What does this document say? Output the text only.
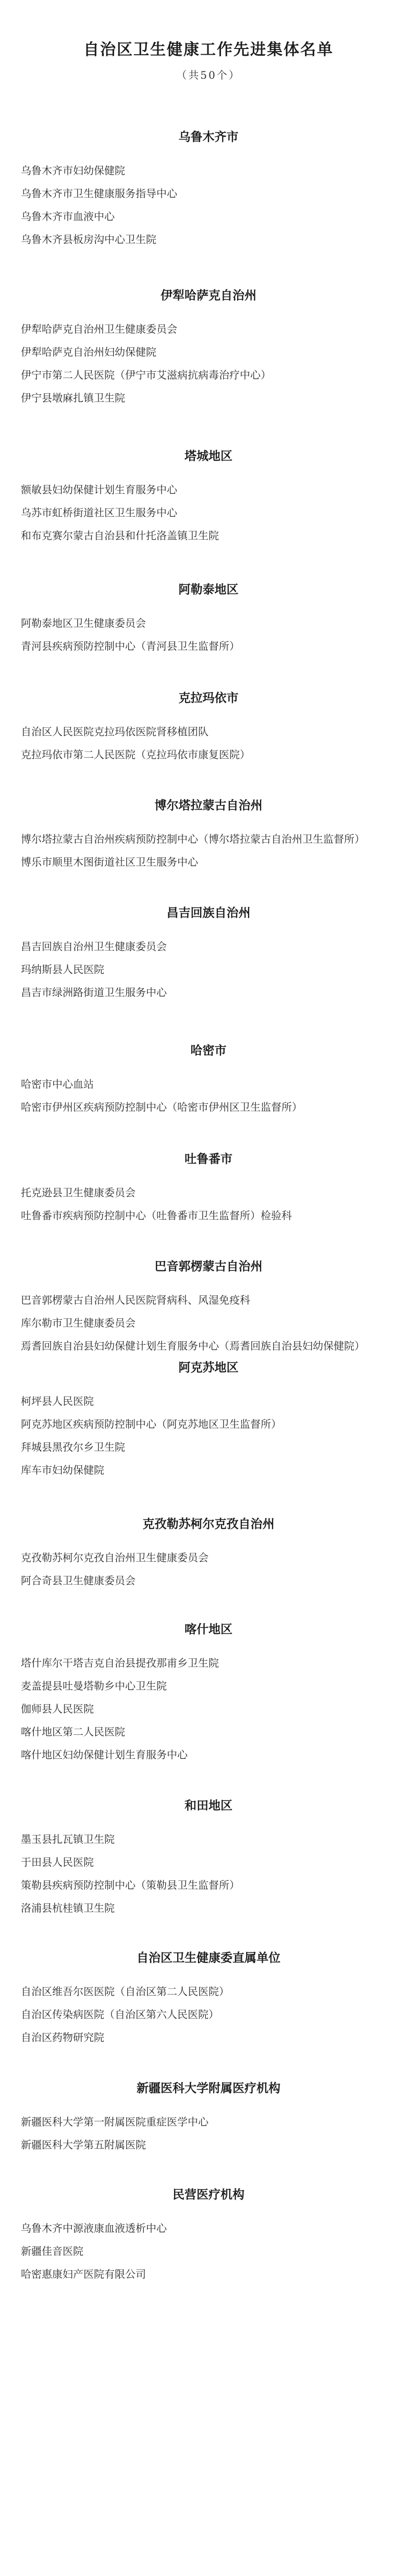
自治区卫生健康工作先进集体名单
（共50个）
乌鲁木齐市
乌鲁木齐市妇幼保健院
乌鲁木齐市卫生健康服务指导中心
乌鲁木齐市血液中心
乌鲁木齐县板房沟中心卫生院
伊犁哈萨克自治州
伊犁哈萨克自治州卫生健康委员会
伊犁哈萨克自治州妇幼保健院
伊宁市第二人民医院（伊宁市艾滋病抗病毒治疗中心）
伊宁县墩麻扎镇卫生院
塔城地区
额敏县妇幼保健计划生育服务中心
乌苏市虹桥街道社区卫生服务中心
和布克赛尔蒙古自治县和什托洛盖镇卫生院
阿勒泰地区
阿勒泰地区卫生健康委员会
青河县疾病预防控制中心（青河县卫生监督所）
克拉玛依市
自治区人民医院克拉玛依医院肾移植团队
克拉玛依市第二人民医院（克拉玛依市康复医院）
博尔塔拉蒙古自治州
博尔塔拉蒙古自治州疾病预防控制中心（博尔塔拉蒙古自治州卫生监督所）
博乐市顺里木图街道社区卫生服务中心
昌吉回族自治州
昌吉回族自治州卫生健康委员会
玛纳斯县人民医院
昌吉市绿洲路街道卫生服务中心
哈密市
哈密市中心血站
哈密市伊州区疾病预防控制中心（哈密市伊州区卫生监督所）
吐鲁番市
托克逊县卫生健康委员会
吐鲁番市疾病预防控制中心（吐鲁番市卫生监督所）检验科
巴音郭楞蒙古自治州
巴音郭楞蒙古自治州人民医院肾病科、风湿免疫科
库尔勒市卫生健康委员会
焉耆回族自治县妇幼保健计划生育服务中心（焉耆回族自治县妇幼保健院）
阿克苏地区
柯坪县人民医院
阿克苏地区疾病预防控制中心（阿克苏地区卫生监督所）
拜城县黑孜尔乡卫生院
库车市妇幼保健院
克孜勒苏柯尔克孜自治州
克孜勒苏柯尔克孜自治州卫生健康委员会
阿合奇县卫生健康委员会
喀什地区
塔什库尔干塔吉克自治县提孜那甫乡卫生院
麦盖提县吐曼塔勒乡中心卫生院
伽师县人民医院
喀什地区第二人民医院
喀什地区妇幼保健计划生育服务中心
和田地区
墨玉县扎瓦镇卫生院
于田县人民医院
策勒县疾病预防控制中心（策勒县卫生监督所）
洛浦县杭桂镇卫生院
自治区卫生健康委直属单位
自治区维吾尔医医院（自治区第二人民医院）
自治区传染病医院（自治区第六人民医院）
自治区药物研究院
新疆医科大学附属医疗机构
新疆医科大学第一附属医院重症医学中心
新疆医科大学第五附属医院
民营医疗机构
乌鲁木齐中源液康血液透析中心
新疆佳音医院
哈密惠康妇产医院有限公司
